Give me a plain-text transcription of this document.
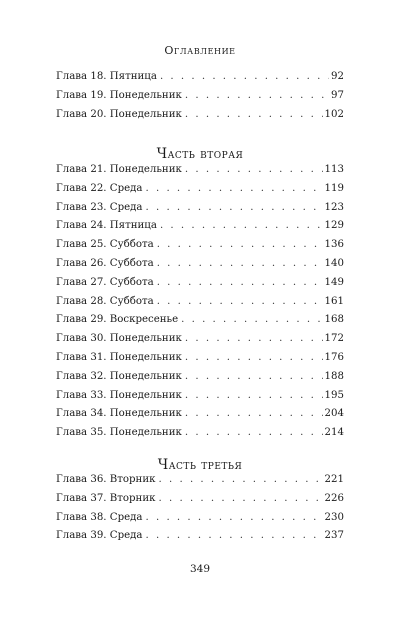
Оглавление
Глава 18. Пятница . . .	92
Глава 19. Понедельник . . .	97
Глава 20. Понедельник . . .	102
Часть вторая
Глава 21. Понедельник . . .	113
Глава 22. Среда . . .	119
Глава 23. Среда . . .	123
Глава 24. Пятница . . .	129
Глава 25. Суббота . . .	136
Глава 26. Суббота . . .	140
Глава 27. Суббота . . .	149
Глава 28. Суббота . . .	161
Глава 29. Воскресенье . . .	168
Глава 30. Понедельник . . .	172
Глава 31. Понедельник . . .	176
Глава 32. Понедельник . . .	188
Глава 33. Понедельник . . .	195
Глава 34. Понедельник . . .	204
Глава 35. Понедельник . . .	214
Часть третья
Глава 36. Вторник . . .	221
Глава 37. Вторник . . .	226
Глава 38. Среда . . .	230
Глава 39. Среда . . .	237
349
